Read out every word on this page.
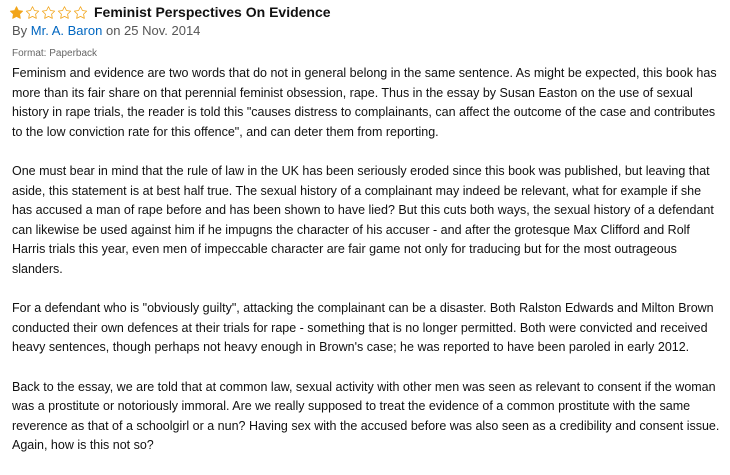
Feminist Perspectives On Evidence
By Mr. A. Baron on 25 Nov. 2014
Format: Paperback

Feminism and evidence are two words that do not in general belong in the same sentence. As might be expected, this book has more than its fair share on that perennial feminist obsession, rape. Thus in the essay by Susan Easton on the use of sexual history in rape trials, the reader is told this "causes distress to complainants, can affect the outcome of the case and contributes to the low conviction rate for this offence", and can deter them from reporting.

One must bear in mind that the rule of law in the UK has been seriously eroded since this book was published, but leaving that aside, this statement is at best half true. The sexual history of a complainant may indeed be relevant, what for example if she has accused a man of rape before and has been shown to have lied? But this cuts both ways, the sexual history of a defendant can likewise be used against him if he impugns the character of his accuser - and after the grotesque Max Clifford and Rolf Harris trials this year, even men of impeccable character are fair game not only for traducing but for the most outrageous slanders.

For a defendant who is "obviously guilty", attacking the complainant can be a disaster. Both Ralston Edwards and Milton Brown conducted their own defences at their trials for rape - something that is no longer permitted. Both were convicted and received heavy sentences, though perhaps not heavy enough in Brown's case; he was reported to have been paroled in early 2012.

Back to the essay, we are told that at common law, sexual activity with other men was seen as relevant to consent if the woman was a prostitute or notoriously immoral. Are we really supposed to treat the evidence of a common prostitute with the same reverence as that of a schoolgirl or a nun? Having sex with the accused before was also seen as a credibility and consent issue. Again, how is this not so?
